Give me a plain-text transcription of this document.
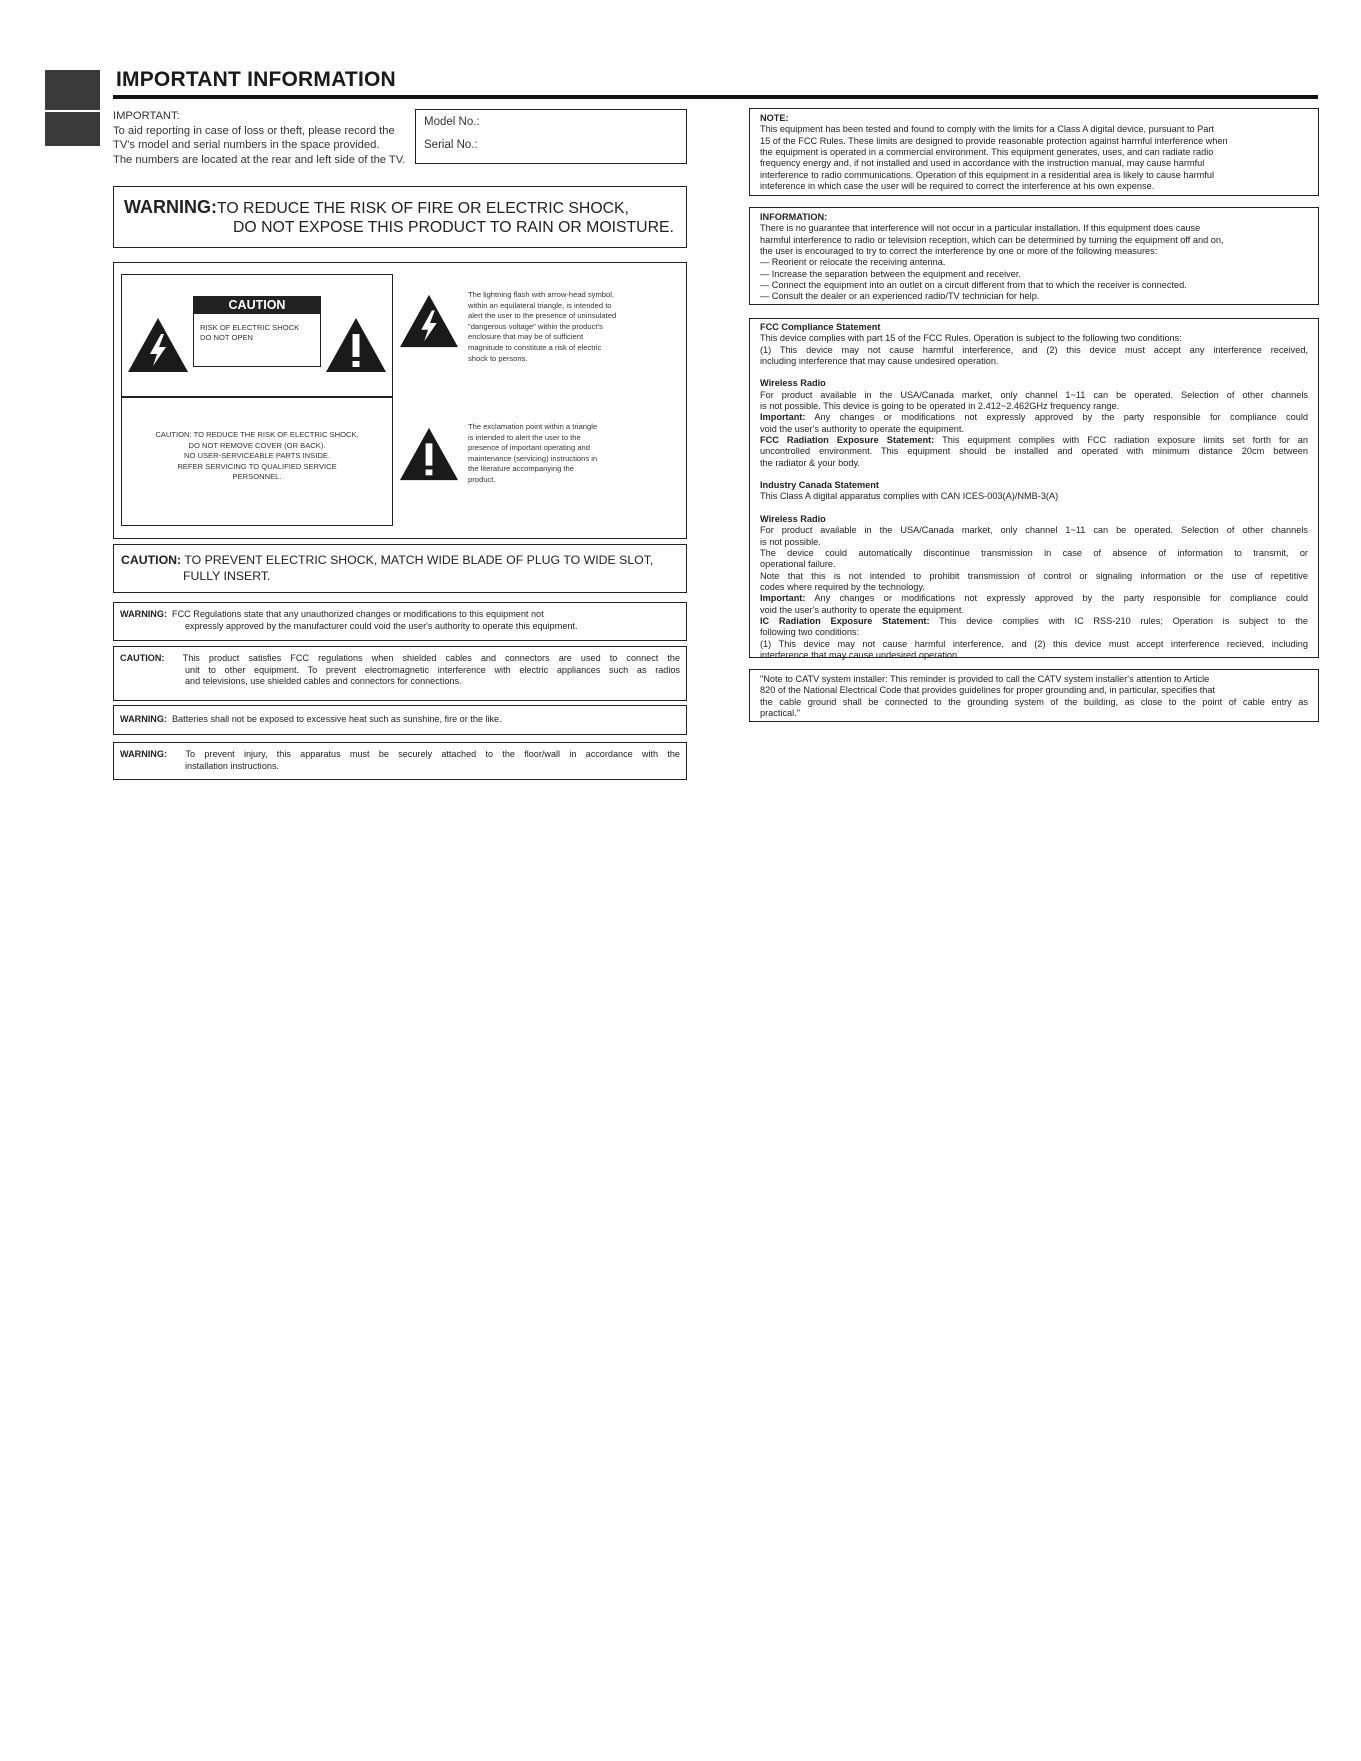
IMPORTANT INFORMATION
IMPORTANT:
To aid reporting in case of loss or theft, please record the
TV's model and serial numbers in the space provided.
The numbers are located at the rear and left side of the TV.
Model No.:
Serial No.:
WARNING:TO REDUCE THE RISK OF FIRE OR ELECTRIC SHOCK,
DO NOT EXPOSE THIS PRODUCT TO RAIN OR MOISTURE.
CAUTION
RISK OF ELECTRIC SHOCK
DO NOT OPEN
CAUTION: TO REDUCE THE RISK OF ELECTRIC SHOCK,
DO NOT REMOVE COVER (OR BACK).
NO USER-SERVICEABLE PARTS INSIDE.
REFER SERVICING TO QUALIFIED SERVICE
PERSONNEL.
The lightning flash with arrow-head symbol,
within an equilateral triangle, is intended to
alert the user to the presence of uninsulated
"dangerous voltage" within the product's
enclosure that may be of sufficient
magnitude to constitute a risk of electric
shock to persons.
The exclamation point within a triangle
is intended to alert the user to the
presence of important operating and
maintenance (servicing) instructions in
the literature accompanying the
product.
CAUTION: TO PREVENT ELECTRIC SHOCK, MATCH WIDE BLADE OF PLUG TO WIDE SLOT,
FULLY INSERT.
WARNING: FCC Regulations state that any unauthorized changes or modifications to this equipment not
expressly approved by the manufacturer could void the user's authority to operate this equipment.
CAUTION: This product satisfies FCC regulations when shielded cables and connectors are used to connect the
unit to other equipment. To prevent electromagnetic interference with electric appliances such as radios
and televisions, use shielded cables and connectors for connections.
WARNING: Batteries shall not be exposed to excessive heat such as sunshine, fire or the like.
WARNING: To prevent injury, this apparatus must be securely attached to the floor/wall in accordance with the
installation instructions.

NOTE:

This equipment has been tested and found to comply with the limits for a Class A digital device, pursuant to Part

15 of the FCC Rules. These limits are designed to provide reasonable protection against harmful interference when

the equipment is operated in a commercial environment. This equipment generates, uses, and can radiate radio

frequency energy and, if not installed and used in accordance with the instruction manual, may cause harmful

interference to radio communications. Operation of this equipment in a residential area is likely to cause harmful

inteference in which case the user will be required to correct the interference at his own expense.

INFORMATION:

There is no guarantee that interference will not occur in a particular installation. If this equipment does cause

harmful interference to radio or television reception, which can be determined by turning the equipment off and on,

the user is encouraged to try to correct the interference by one or more of the following measures:

— Reorient or relocate the receiving antenna.

— Increase the separation between the equipment and receiver.

— Connect the equipment into an outlet on a circuit different from that to which the receiver is connected.

— Consult the dealer or an experienced radio/TV technician for help.

FCC Compliance Statement

This device complies with part 15 of the FCC Rules. Operation is subject to the following two conditions:

(1) This device may not cause harmful interference, and (2) this device must accept any interference received,

including interference that may cause undesired operation.

Wireless Radio

For product available in the USA/Canada market, only channel 1~11 can be operated. Selection of other channels

is not possible. This device is going to be operated in 2.412~2.462GHz frequency range.

Important: Any changes or modifications not expressly approved by the party responsible for compliance could

void the user's authority to operate the equipment.

FCC Radiation Exposure Statement: This equipment complies with FCC radiation exposure limits set forth for an

uncontrolled environment. This equipment should be installed and operated with minimum distance 20cm between

the radiator & your body.

Industry Canada Statement

This Class A digital apparatus complies with CAN ICES-003(A)/NMB-3(A)

Wireless Radio

For product available in the USA/Canada market, only channel 1~11 can be operated. Selection of other channels

is not possible.

The device could automatically discontinue transmission in case of absence of information to transmit, or

operational failure.

Note that this is not intended to prohibit transmission of control or signaling information or the use of repetitive

codes where required by the technology.

Important: Any changes or modifications not expressly approved by the party responsible for compliance could

void the user's authority to operate the equipment.

IC Radiation Exposure Statement: This device complies with IC RSS-210 rules; Operation is subject to the

following two conditions:

(1) This device may not cause harmful interference, and (2) this device must accept interference recieved, including

interference that may cause undesired operation.

"Note to CATV system installer: This reminder is provided to call the CATV system installer's attention to Article

820 of the National Electrical Code that provides guidelines for proper grounding and, in particular, specifies that

the cable ground shall be connected to the grounding system of the building, as close to the point of cable entry as

practical."
